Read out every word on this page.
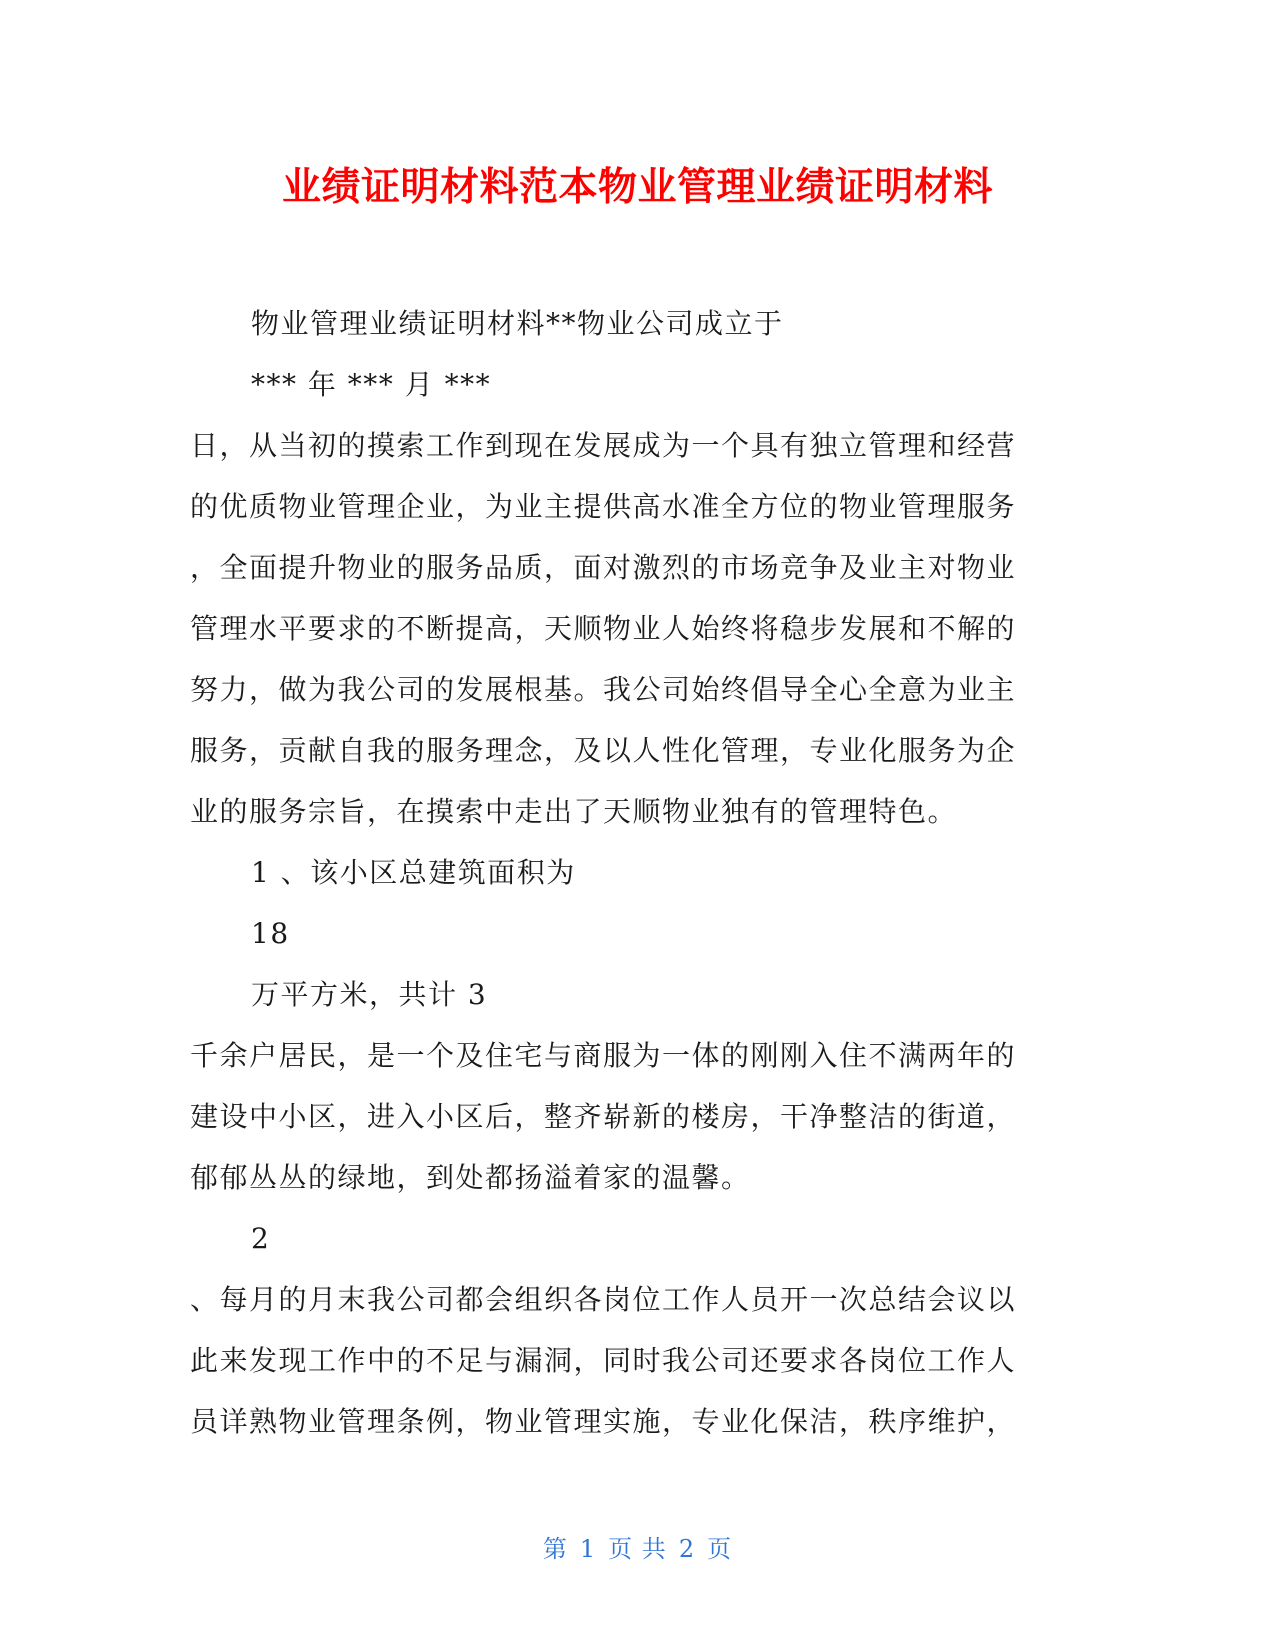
业绩证明材料范本物业管理业绩证明材料
物业管理业绩证明材料**物业公司成立于
*** 年 *** 月 ***
日，从当初的摸索工作到现在发展成为一个具有独立管理和经营
的优质物业管理企业，为业主提供高水准全方位的物业管理服务
，全面提升物业的服务品质，面对激烈的市场竞争及业主对物业
管理水平要求的不断提高，天顺物业人始终将稳步发展和不解的
努力，做为我公司的发展根基。我公司始终倡导全心全意为业主
服务，贡献自我的服务理念，及以人性化管理，专业化服务为企
业的服务宗旨，在摸索中走出了天顺物业独有的管理特色。
1 、该小区总建筑面积为
18
万平方米，共计 3
千余户居民，是一个及住宅与商服为一体的刚刚入住不满两年的
建设中小区，进入小区后，整齐崭新的楼房，干净整洁的街道，
郁郁丛丛的绿地，到处都扬溢着家的温馨。
2
、每月的月末我公司都会组织各岗位工作人员开一次总结会议以
此来发现工作中的不足与漏洞，同时我公司还要求各岗位工作人
员详熟物业管理条例，物业管理实施，专业化保洁，秩序维护，
第 1 页 共 2 页
